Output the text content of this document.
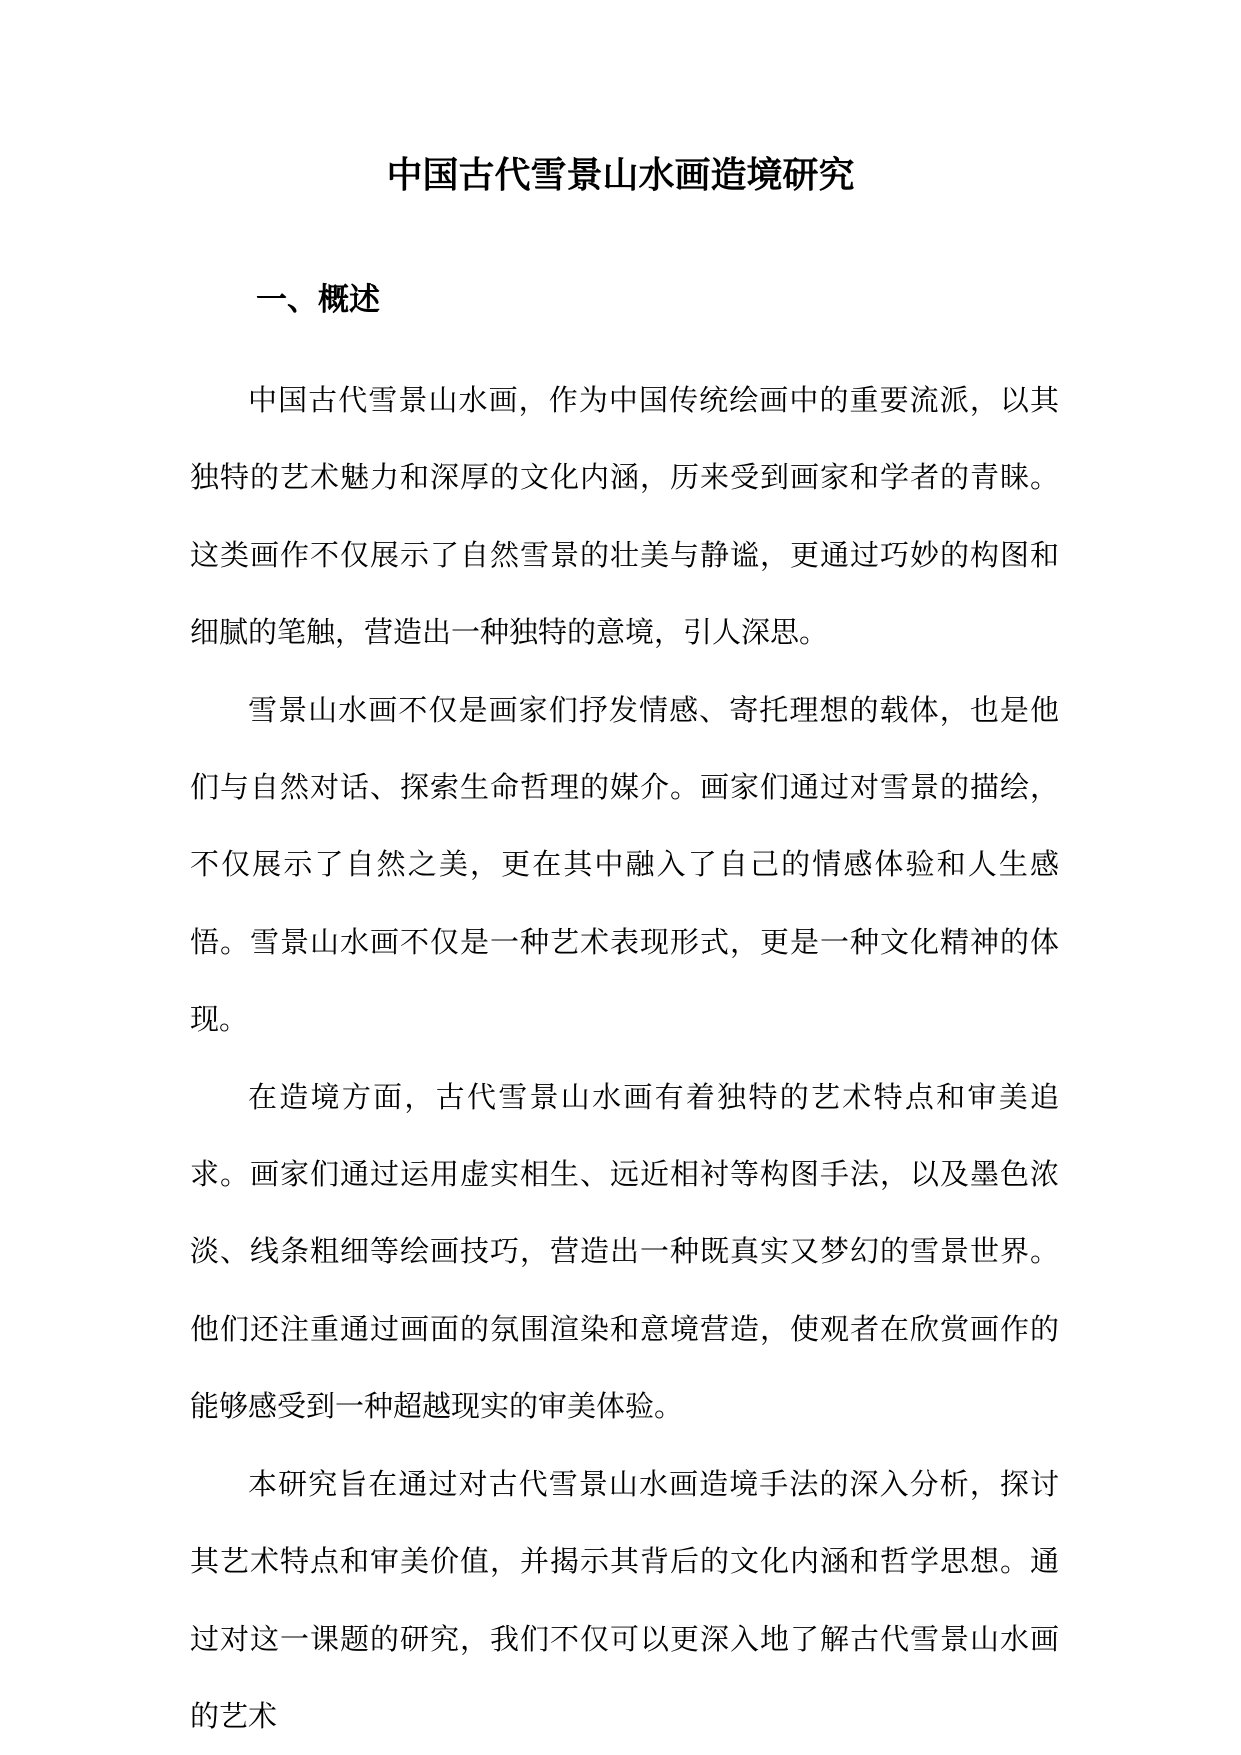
中国古代雪景山水画造境研究
一、概述

中国古代雪景山水画，作为中国传统绘画中的重要流派，以其独特的艺术魅力和深厚的文化内涵，历来受到画家和学者的青睐。这类画作不仅展示了自然雪景的壮美与静谧，更通过巧妙的构图和细腻的笔触，营造出一种独特的意境，引人深思。

雪景山水画不仅是画家们抒发情感、寄托理想的载体，也是他们与自然对话、探索生命哲理的媒介。画家们通过对雪景的描绘，不仅展示了自然之美，更在其中融入了自己的情感体验和人生感悟。雪景山水画不仅是一种艺术表现形式，更是一种文化精神的体现。

在造境方面，古代雪景山水画有着独特的艺术特点和审美追求。画家们通过运用虚实相生、远近相衬等构图手法，以及墨色浓淡、线条粗细等绘画技巧，营造出一种既真实又梦幻的雪景世界。他们还注重通过画面的氛围渲染和意境营造，使观者在欣赏画作的能够感受到一种超越现实的审美体验。

本研究旨在通过对古代雪景山水画造境手法的深入分析，探讨其艺术特点和审美价值，并揭示其背后的文化内涵和哲学思想。通过对这一课题的研究，我们不仅可以更深入地了解古代雪景山水画的艺术
